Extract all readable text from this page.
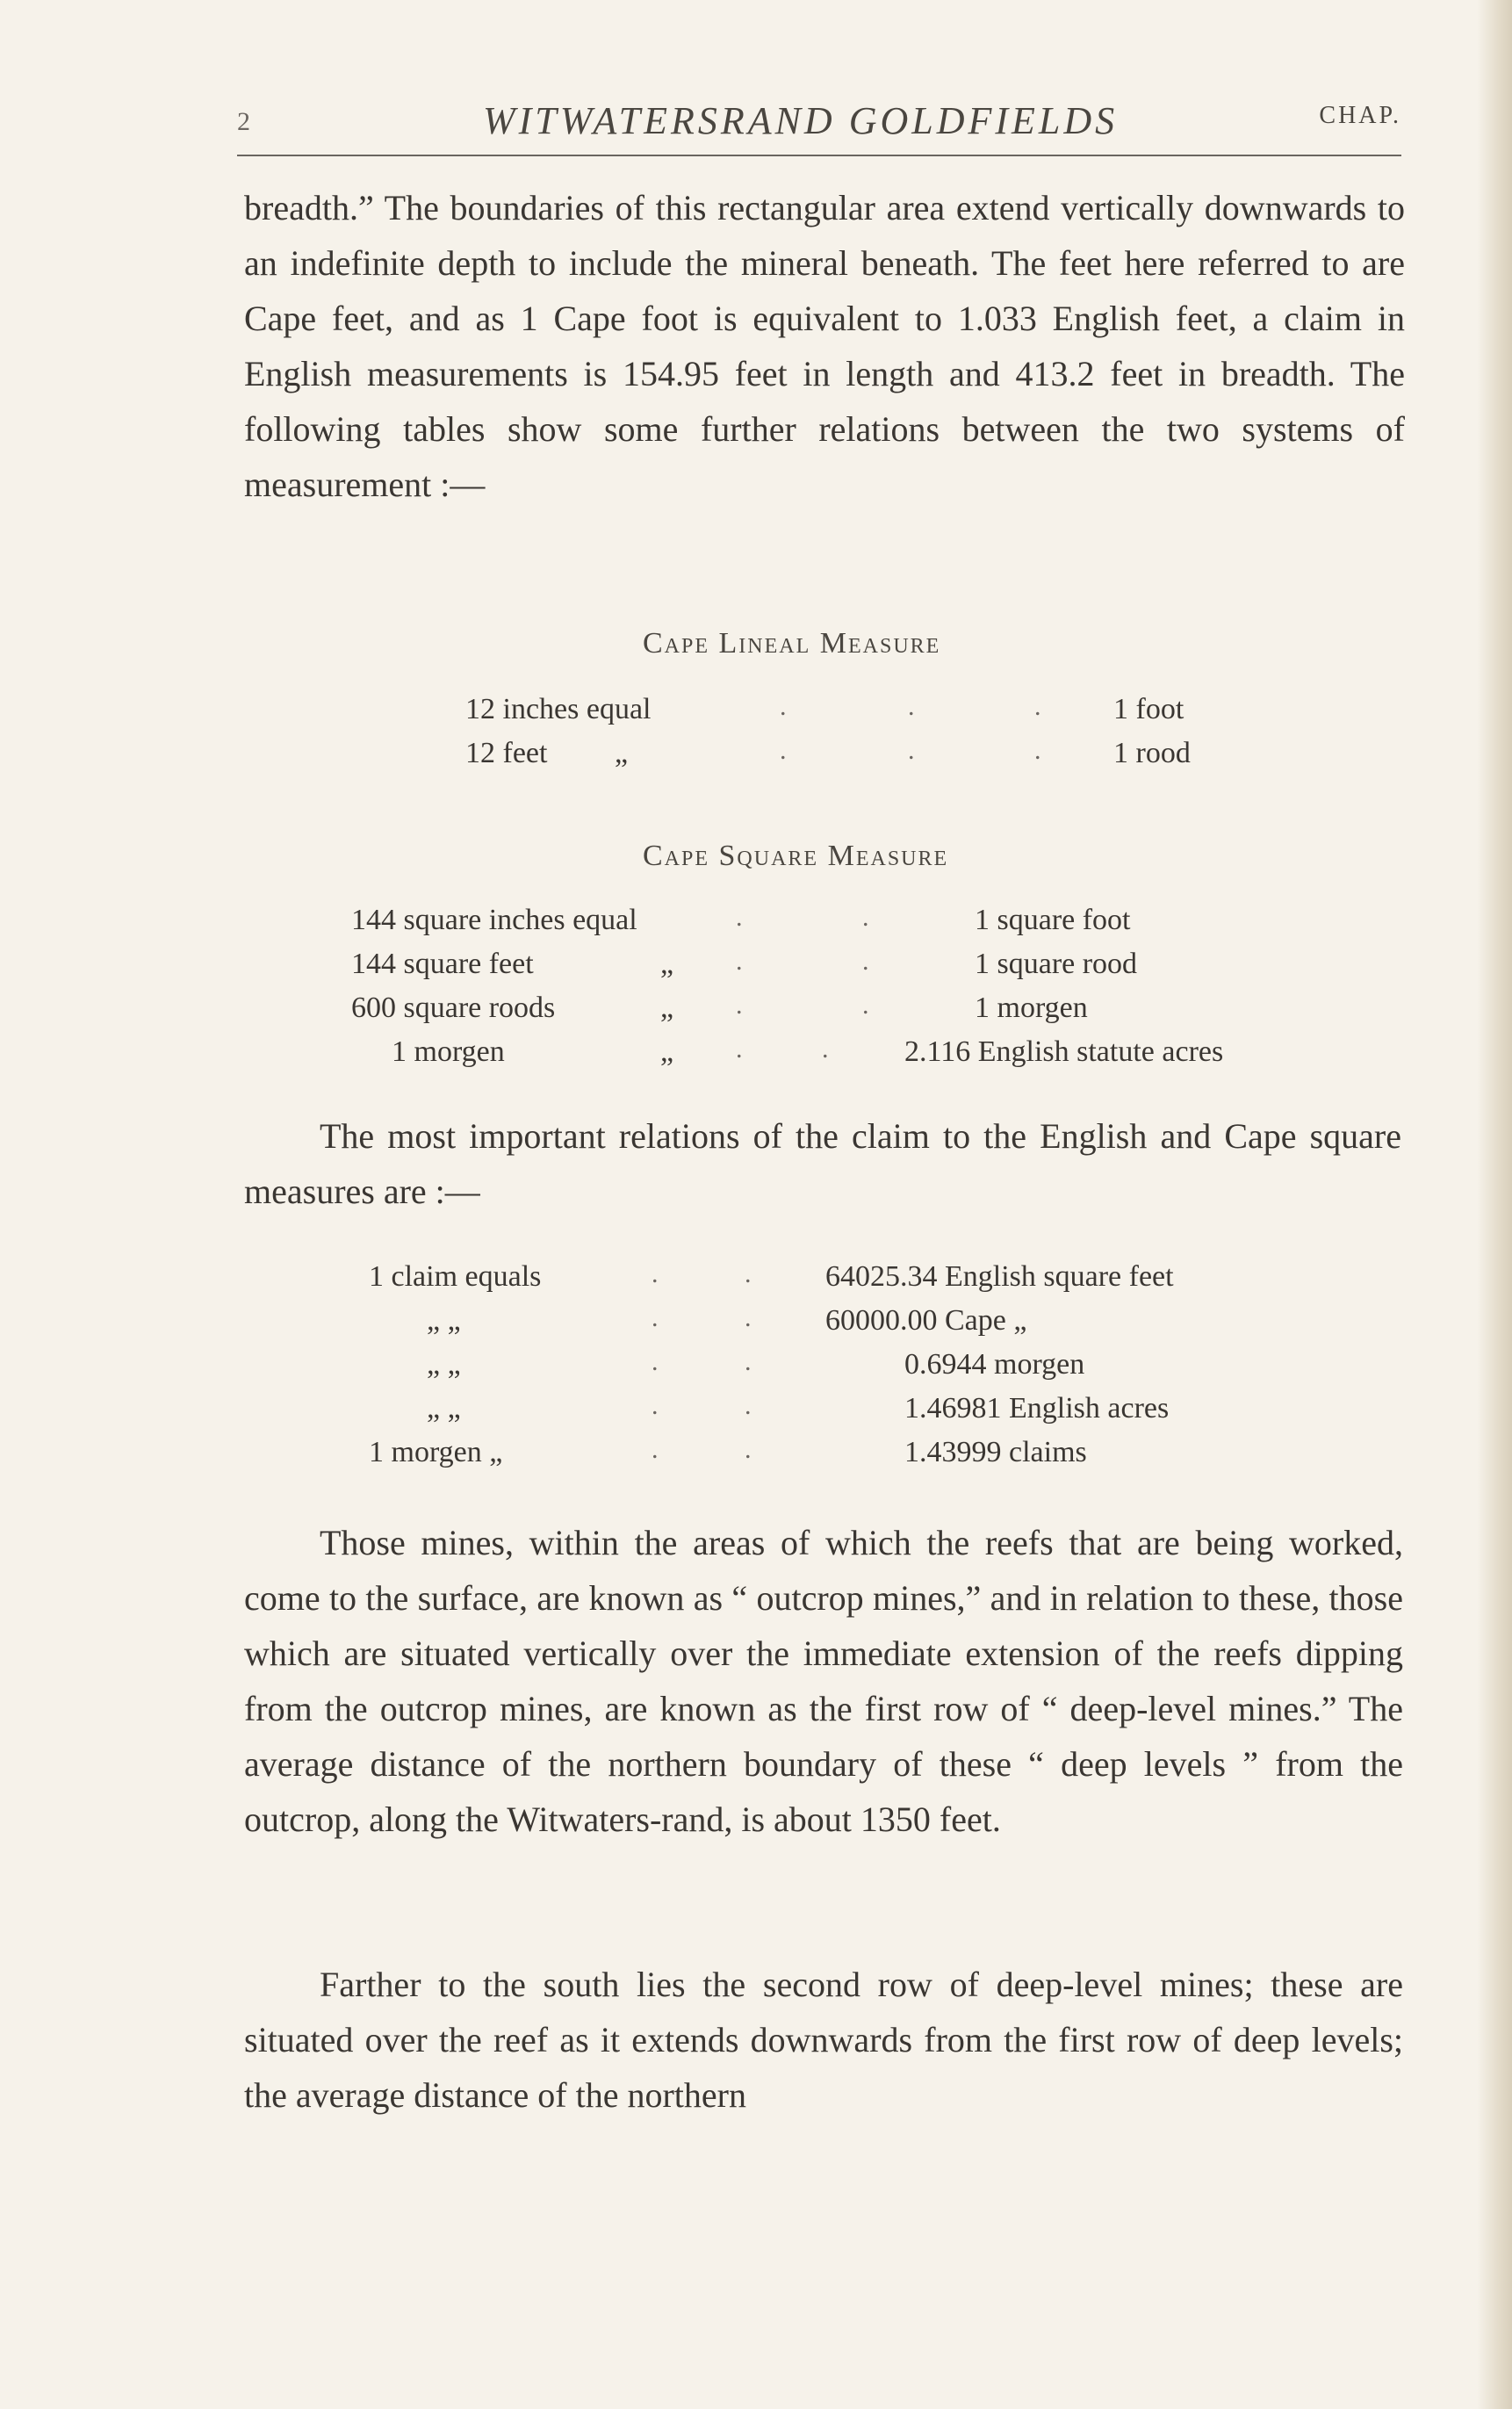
2	WITWATERSRAND GOLDFIELDS	CHAP.

breadth.” The boundaries of this rectangular area extend vertically downwards to an indefinite depth to include the mineral beneath. The feet here referred to are Cape feet, and as 1 Cape foot is equivalent to 1.033 English feet, a claim in English measurements is 154.95 feet in length and 413.2 feet in breadth. The following tables show some further relations between the two systems of measurement :—

Cape Lineal Measure
12 inches equal	.	.	. 1 foot
12 feet „	.	.	. 1 rood
Cape Square Measure
144 square inches equal	.	.	1 square foot
144 square feet	„ .	.	1 square rood
600 square roods	„ .	.	1 morgen
1 morgen	„ .	.	2.116 English statute acres

The most important relations of the claim to the English and Cape square measures are :—

1 claim equals	.	. 64025.34 English square feet
„ „	.	. 60000.00 Cape „
„ „	.	.	0.6944 morgen
„ „	.	.	1.46981 English acres
1 morgen „	.	.	1.43999 claims

Those mines, within the areas of which the reefs that are being worked, come to the surface, are known as “ outcrop mines,” and in relation to these, those which are situated vertically over the immediate extension of the reefs dipping from the outcrop mines, are known as the first row of “ deep-level mines.” The average distance of the northern boundary of these “ deep levels ” from the outcrop, along the Witwaters-rand, is about 1350 feet.

Farther to the south lies the second row of deep-level mines; these are situated over the reef as it extends downwards from the first row of deep levels; the average distance of the northern
